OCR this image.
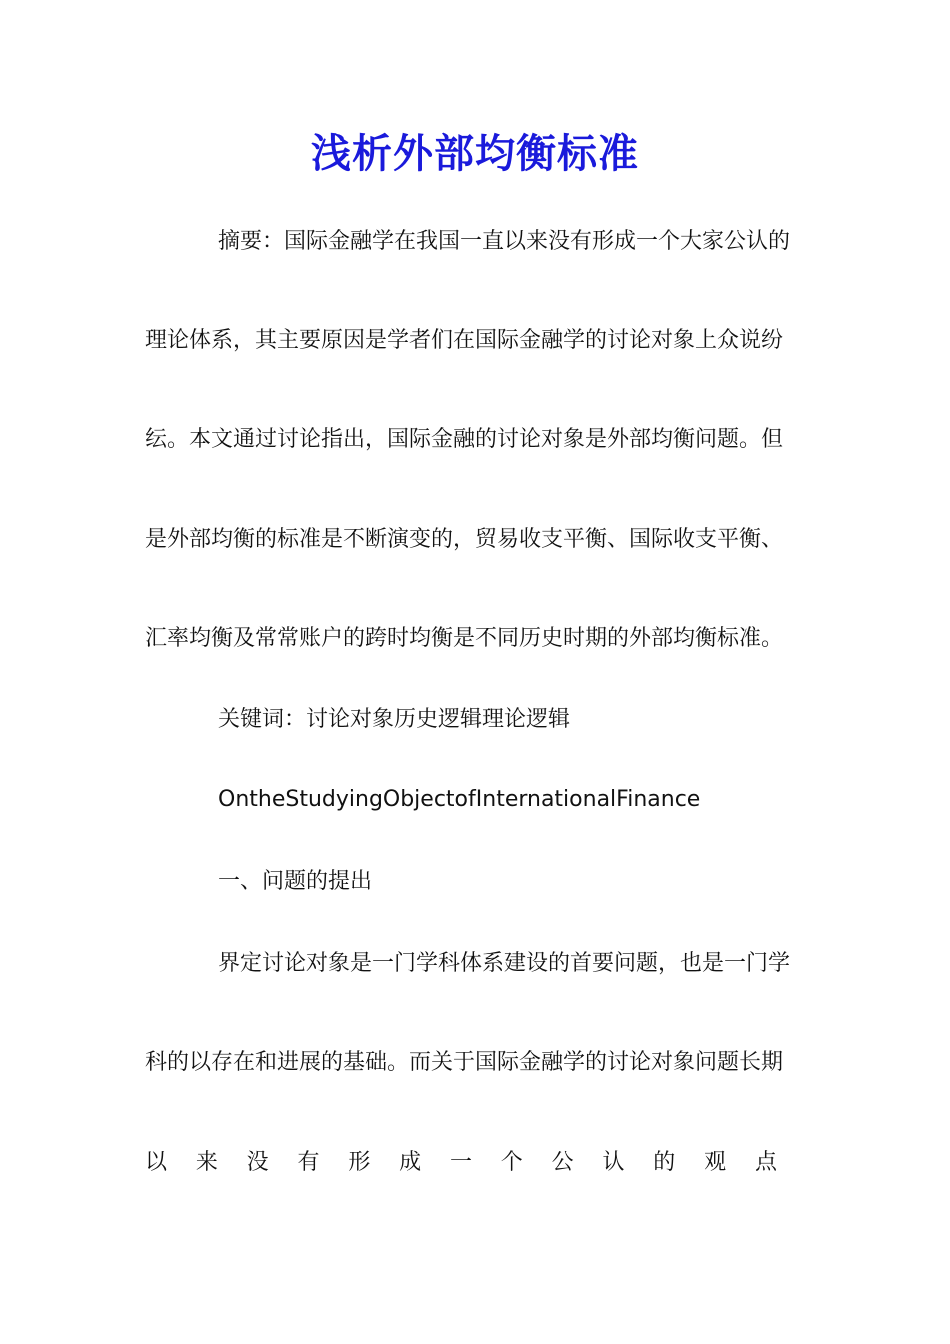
浅析外部均衡标准
摘要：国际金融学在我国一直以来没有形成一个大家公认的
理论体系，其主要原因是学者们在国际金融学的讨论对象上众说纷
纭。本文通过讨论指出，国际金融的讨论对象是外部均衡问题。但
是外部均衡的标准是不断演变的，贸易收支平衡、国际收支平衡、
汇率均衡及常常账户的跨时均衡是不同历史时期的外部均衡标准。
关键词：讨论对象历史逻辑理论逻辑
OntheStudyingObjectofInternationalFinance
一、问题的提出
界定讨论对象是一门学科体系建设的首要问题，也是一门学
科的以存在和进展的基础。而关于国际金融学的讨论对象问题长期
以 来 没 有 形 成 一 个 公 认 的 观 点
